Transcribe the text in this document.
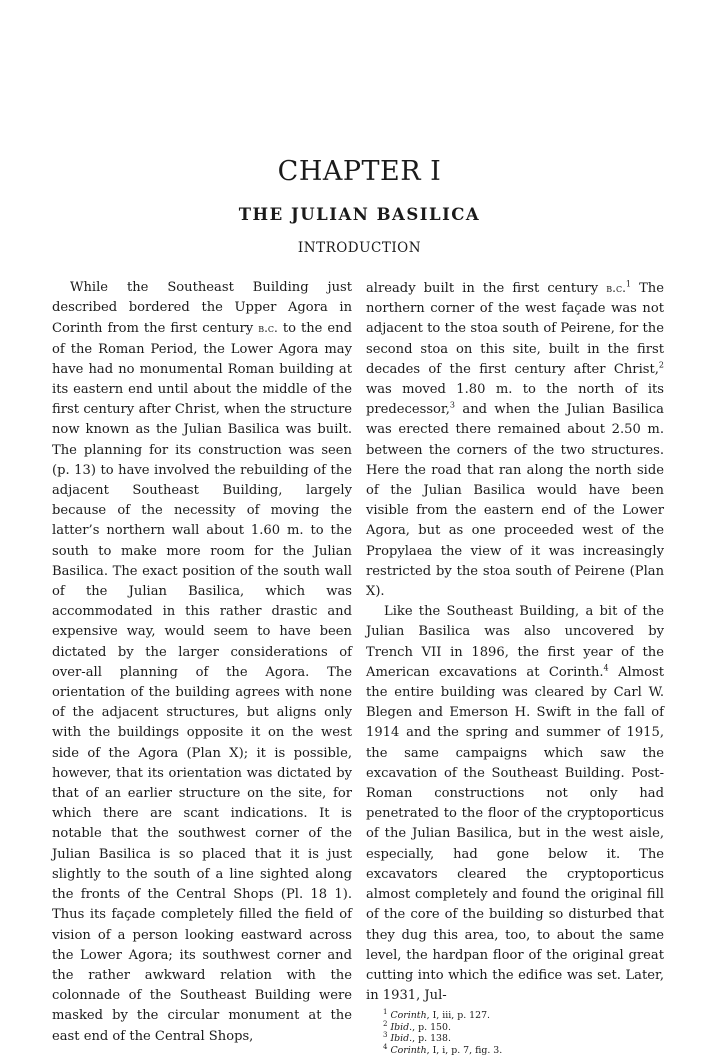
CHAPTER I
THE JULIAN BASILICA
INTRODUCTION

While the Southeast Building just described bordered the Upper Agora in Corinth from the first century b.c. to the end of the Roman Period, the Lower Agora may have had no monumental Roman building at its eastern end until about the middle of the first century after Christ, when the structure now known as the Julian Basilica was built. The planning for its construction was seen (p. 13) to have involved the rebuilding of the adjacent Southeast Building, largely because of the necessity of moving the latter’s northern wall about 1.60 m. to the south to make more room for the Julian Basilica. The exact position of the south wall of the Julian Basilica, which was accommodated in this rather drastic and expensive way, would seem to have been dictated by the larger considerations of over-all planning of the Agora. The orientation of the building agrees with none of the adjacent structures, but aligns only with the buildings opposite it on the west side of the Agora (Plan X); it is possible, however, that its orientation was dictated by that of an earlier structure on the site, for which there are scant indications. It is notable that the southwest corner of the Julian Basilica is so placed that it is just slightly to the south of a line sighted along the fronts of the Central Shops (Pl. 18 1). Thus its façade completely filled the field of vision of a person looking eastward across the Lower Agora; its southwest corner and the rather awkward relation with the colonnade of the Southeast Building were masked by the circular monument at the east end of the Central Shops,

already built in the first century b.c.$^1$ The northern corner of the west façade was not adjacent to the stoa south of Peirene, for the second stoa on this site, built in the first decades of the first century after Christ,$^2$ was moved 1.80 m. to the north of its predecessor,$^3$ and when the Julian Basilica was erected there remained about 2.50 m. between the corners of the two structures. Here the road that ran along the north side of the Julian Basilica would have been visible from the eastern end of the Lower Agora, but as one proceeded west of the Propylaea the view of it was increasingly restricted by the stoa south of Peirene (Plan X).

Like the Southeast Building, a bit of the Julian Basilica was also uncovered by Trench VII in 1896, the first year of the American excavations at Corinth.$^4$ Almost the entire building was cleared by Carl W. Blegen and Emerson H. Swift in the fall of 1914 and the spring and summer of 1915, the same campaigns which saw the excavation of the Southeast Building. Post-Roman constructions not only had penetrated to the floor of the cryptoporticus of the Julian Basilica, but in the west aisle, especially, had gone below it. The excavators cleared the cryptoporticus almost completely and found the original fill of the core of the building so disturbed that they dug this area, too, to about the same level, the hardpan floor of the original great cutting into which the edifice was set. Later, in 1931, Jul-

$^1$ Corinth, I, iii, p. 127.
$^2$ Ibid., p. 150.
$^3$ Ibid., p. 138.
$^4$ Corinth, I, i, p. 7, fig. 3.
